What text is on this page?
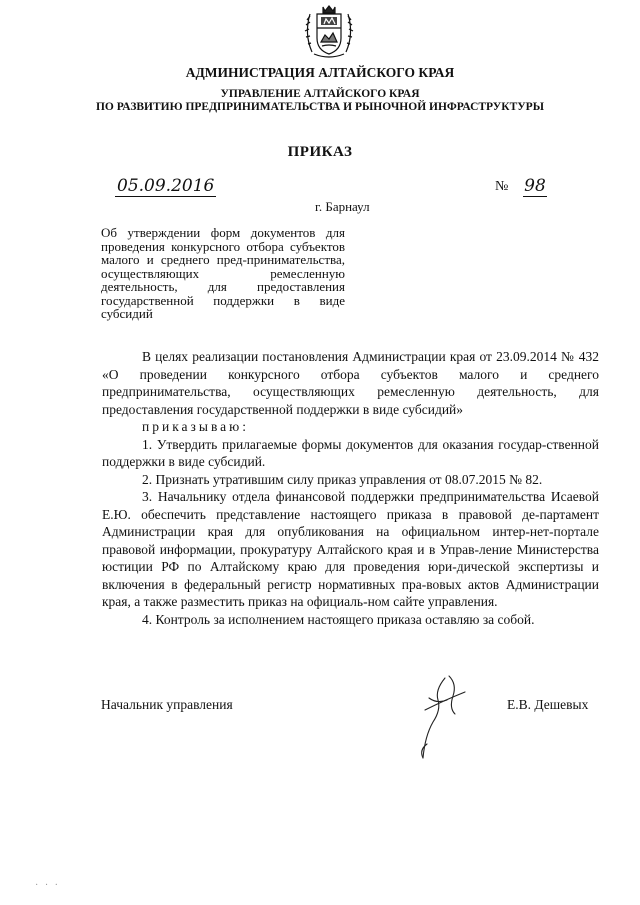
АДМИНИСТРАЦИЯ АЛТАЙСКОГО КРАЯ
УПРАВЛЕНИЕ АЛТАЙСКОГО КРАЯ
ПО РАЗВИТИЮ ПРЕДПРИНИМАТЕЛЬСТВА И РЫНОЧНОЙ ИНФРАСТРУКТУРЫ
ПРИКАЗ
05.09.2016	№ 98
г. Барнаул
Об утверждении форм документов для проведения конкурсного отбора субъектов малого и среднего пред-принимательства, осуществляющих ремесленную деятельность, для предоставления государственной поддержки в виде субсидий

В целях реализации постановления Администрации края от 23.09.2014 № 432 «О проведении конкурсного отбора субъектов малого и среднего предпринимательства, осуществляющих ремесленную деятельность, для предоставления государственной поддержки в виде субсидий»

приказываю:

1. Утвердить прилагаемые формы документов для оказания государ-ственной поддержки в виде субсидий.

2. Признать утратившим силу приказ управления от 08.07.2015 № 82.

3. Начальнику отдела финансовой поддержки предпринимательства Исаевой Е.Ю. обеспечить представление настоящего приказа в правовой де-партамент Администрации края для опубликования на официальном интер-нет-портале правовой информации, прокуратуру Алтайского края и в Управ-ление Министерства юстиции РФ по Алтайскому краю для проведения юри-дической экспертизы и включения в федеральный регистр нормативных пра-вовых актов Администрации края, а также разместить приказ на официаль-ном сайте управления.

4. Контроль за исполнением настоящего приказа оставляю за собой.

Начальник управления	Е.В. Дешевых
· · ·
